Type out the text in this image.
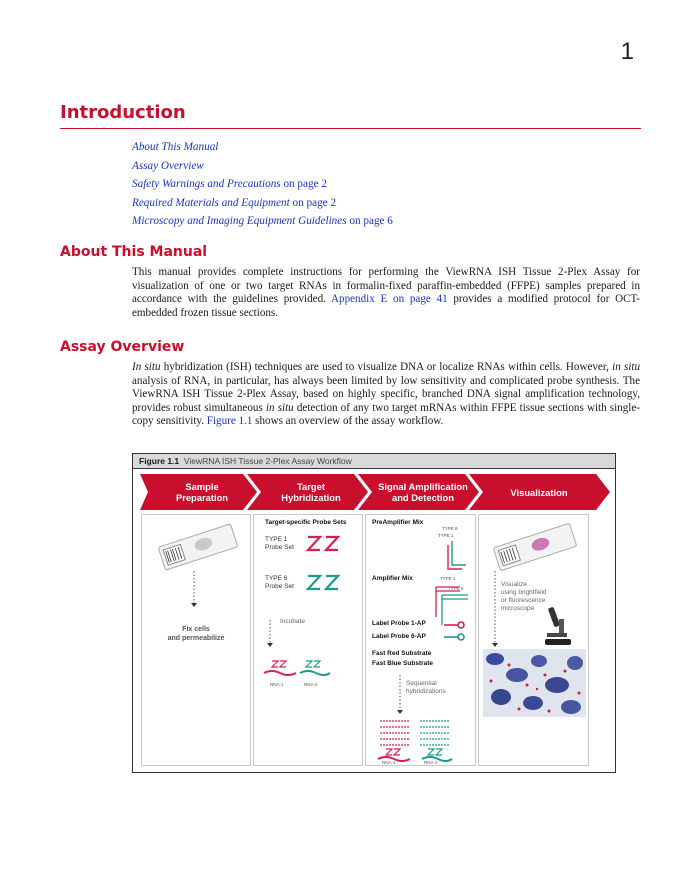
1
Introduction
About This Manual
Assay Overview
Safety Warnings and Precautions on page 2
Required Materials and Equipment on page 2
Microscopy and Imaging Equipment Guidelines on page 6
About This Manual
This manual provides complete instructions for performing the ViewRNA ISH Tissue 2-Plex Assay for visualization of one or two target RNAs in formalin-fixed paraffin-embedded (FFPE) samples prepared in accordance with the guidelines provided. Appendix E on page 41 provides a modified protocol for OCT-embedded frozen tissue sections.
Assay Overview
In situ hybridization (ISH) techniques are used to visualize DNA or localize RNAs within cells. However, in situ analysis of RNA, in particular, has always been limited by low sensitivity and complicated probe synthesis. The ViewRNA ISH Tissue 2-Plex Assay, based on highly specific, branched DNA signal amplification technology, provides robust simultaneous in situ detection of any two target mRNAs within FFPE tissue sections with single-copy sensitivity. Figure 1.1 shows an overview of the assay workflow.
Figure 1.1 ViewRNA ISH Tissue 2-Plex Assay Workflow
Sample
Preparation
Target
Hybridization
Signal Amplification
and Detection	Visualization
Fix cells
and permeabilize
Target-specific Probe Sets
TYPE 1
Probe Set
TYPE 6
Probe Set
Incubate
RNA-1	RNA-2
PreAmplifier Mix
TYPE 6
TYPE 1
Amplifier Mix	TYPE 1
TYPE 6
Label Probe 1-AP
Label Probe 6-AP
Fast Red Substrate
Fast Blue Substrate
Sequential
hybridizations
RNA-1	RNA-2
Visualize
using brightfield
or fluorescence
microscope
